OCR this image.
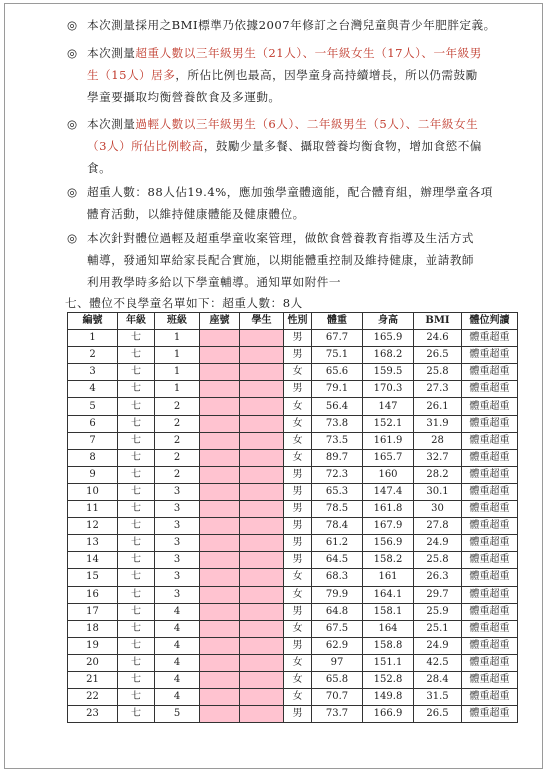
◎ 本次測量採用之BMI標準乃依據2007年修訂之台灣兒童與青少年肥胖定義。
◎ 本次測量超重人數以三年級男生（21人）、一年級女生（17人）、一年級男
生（15人）居多，所佔比例也最高，因學童身高持續增長，所以仍需鼓勵
學童要攝取均衡營養飲食及多運動。
◎ 本次測量過輕人數以三年級男生（6人）、二年級男生（5人）、二年級女生
（3人）所佔比例較高，鼓勵少量多餐、攝取營養均衡食物，增加食慾不偏
食。
◎ 超重人數：88人佔19.4%，應加強學童體適能，配合體育組，辦理學童各項
體育活動，以維持健康體能及健康體位。
◎ 本次針對體位過輕及超重學童收案管理，做飲食營養教育指導及生活方式
輔導，發通知單給家長配合實施，以期能體重控制及維持健康，並請教師
利用教學時多給以下學童輔導。通知單如附件一
七、體位不良學童名單如下：超重人數：8人
編號	年級	班級	座號	學生	性別	體重	身高	BMI	體位判讀
1	七	1			男	67.7	165.9	24.6	體重超重
2	七	1			男	75.1	168.2	26.5	體重超重
3	七	1			女	65.6	159.5	25.8	體重超重
4	七	1			男	79.1	170.3	27.3	體重超重
5	七	2			女	56.4	147	26.1	體重超重
6	七	2			女	73.8	152.1	31.9	體重超重
7	七	2			女	73.5	161.9	28	體重超重
8	七	2			女	89.7	165.7	32.7	體重超重
9	七	2			男	72.3	160	28.2	體重超重
10	七	3			男	65.3	147.4	30.1	體重超重
11	七	3			男	78.5	161.8	30	體重超重
12	七	3			男	78.4	167.9	27.8	體重超重
13	七	3			男	61.2	156.9	24.9	體重超重
14	七	3			男	64.5	158.2	25.8	體重超重
15	七	3			女	68.3	161	26.3	體重超重
16	七	3			女	79.9	164.1	29.7	體重超重
17	七	4			男	64.8	158.1	25.9	體重超重
18	七	4			女	67.5	164	25.1	體重超重
19	七	4			男	62.9	158.8	24.9	體重超重
20	七	4			女	97	151.1	42.5	體重超重
21	七	4			女	65.8	152.8	28.4	體重超重
22	七	4			女	70.7	149.8	31.5	體重超重
23	七	5			男	73.7	166.9	26.5	體重超重
